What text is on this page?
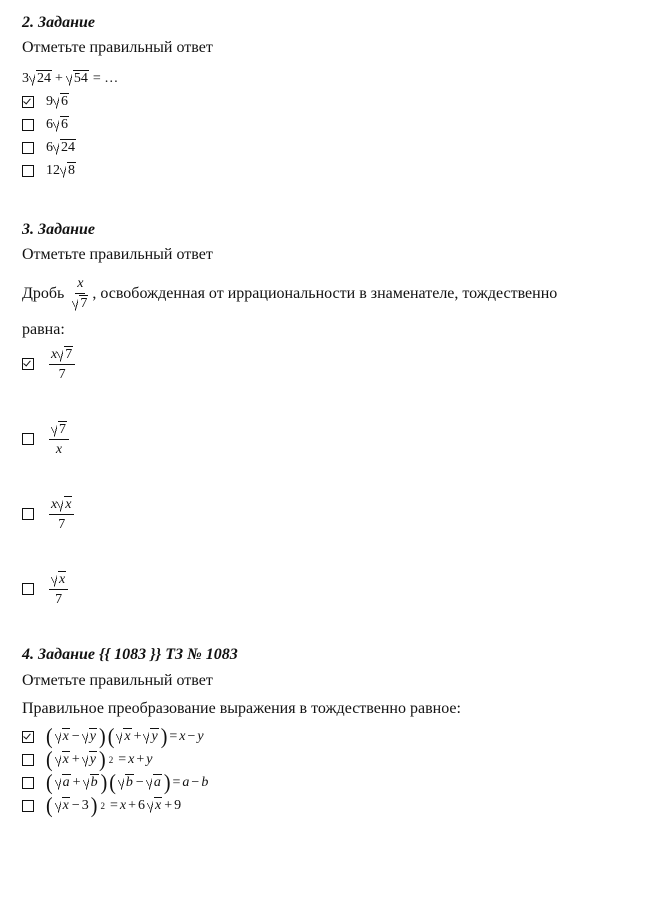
2. Задание
Отметьте правильный ответ
3 24 + 54 = …
9 6
6 6
6 24
12 8
3. Задание
Отметьте правильный ответ
Дробь $\frac{x}{7}$ , освобожденная от иррациональности в знаменателе, тождественно
равна:
$\frac{x 7}{7}$
$\frac{7}{x}$
$\frac{\text{x x}}{7}$
$\frac{x}{7}$
4. Задание {{ 1083 }} ТЗ № 1083
Отметьте правильный ответ
Правильное преобразование выражения в тождественно равное:
( x − y ) ( x + y ) = x − y
( x + y ) 2 = x + y
( a + b ) ( b − a ) = a − b
( x − 3 ) 2 = x + 6 x + 9
